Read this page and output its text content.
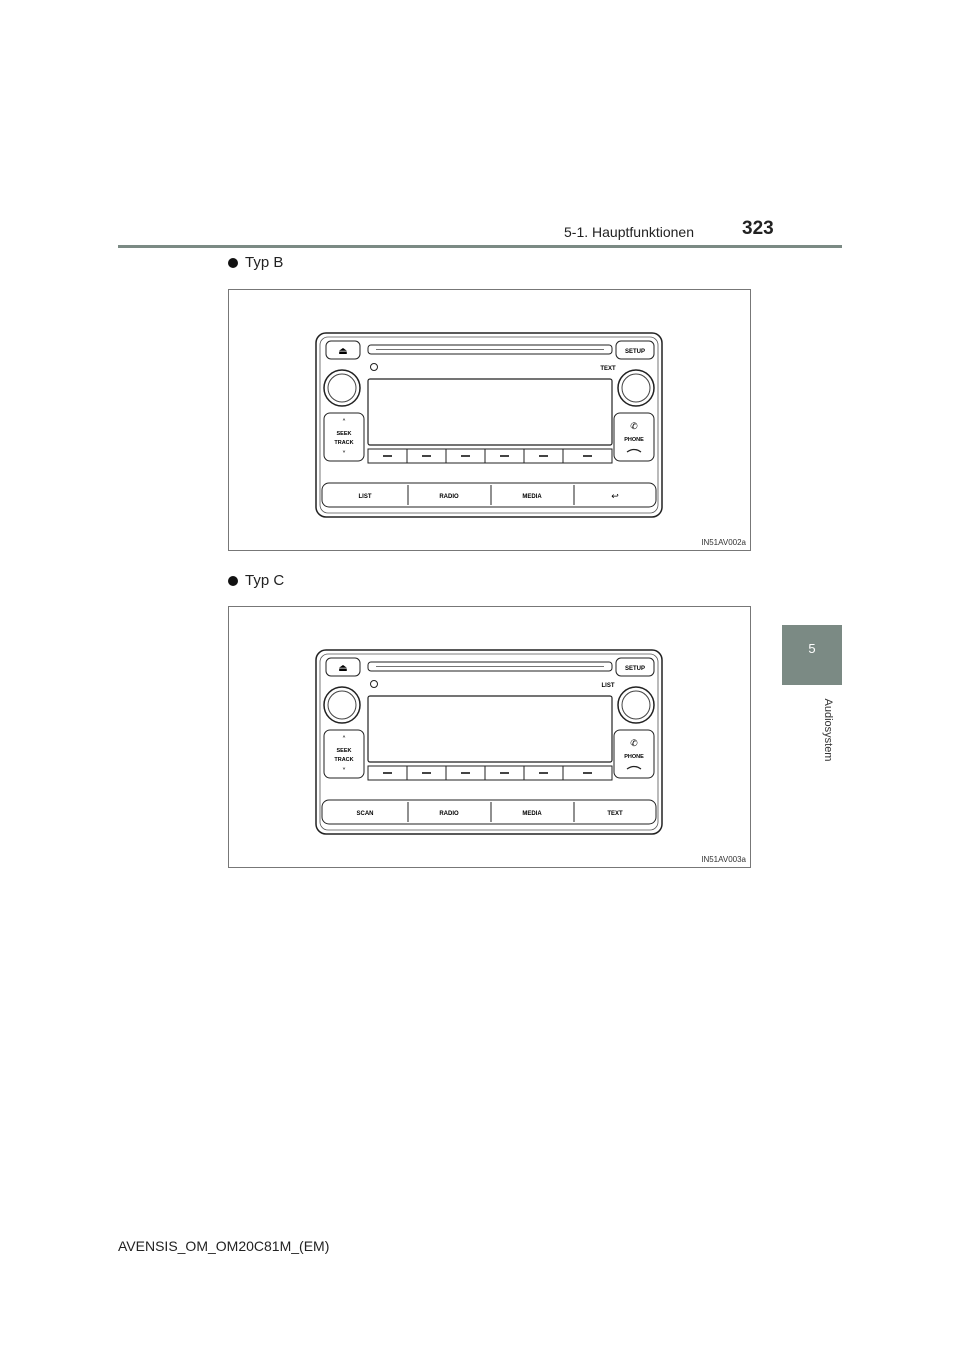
5-1. Hauptfunktionen	323
5
Audiosystem
Typ B
⏏	SETUP
TEXT
˄
SEEK
TRACK
˅
✆
PHONE
LIST	RADIO	MEDIA	↩
IN51AV002a
Typ C
⏏	SETUP
LIST
˄
SEEK
TRACK
˅
✆
PHONE
SCAN	RADIO	MEDIA	TEXT
IN51AV003a
AVENSIS_OM_OM20C81M_(EM)
